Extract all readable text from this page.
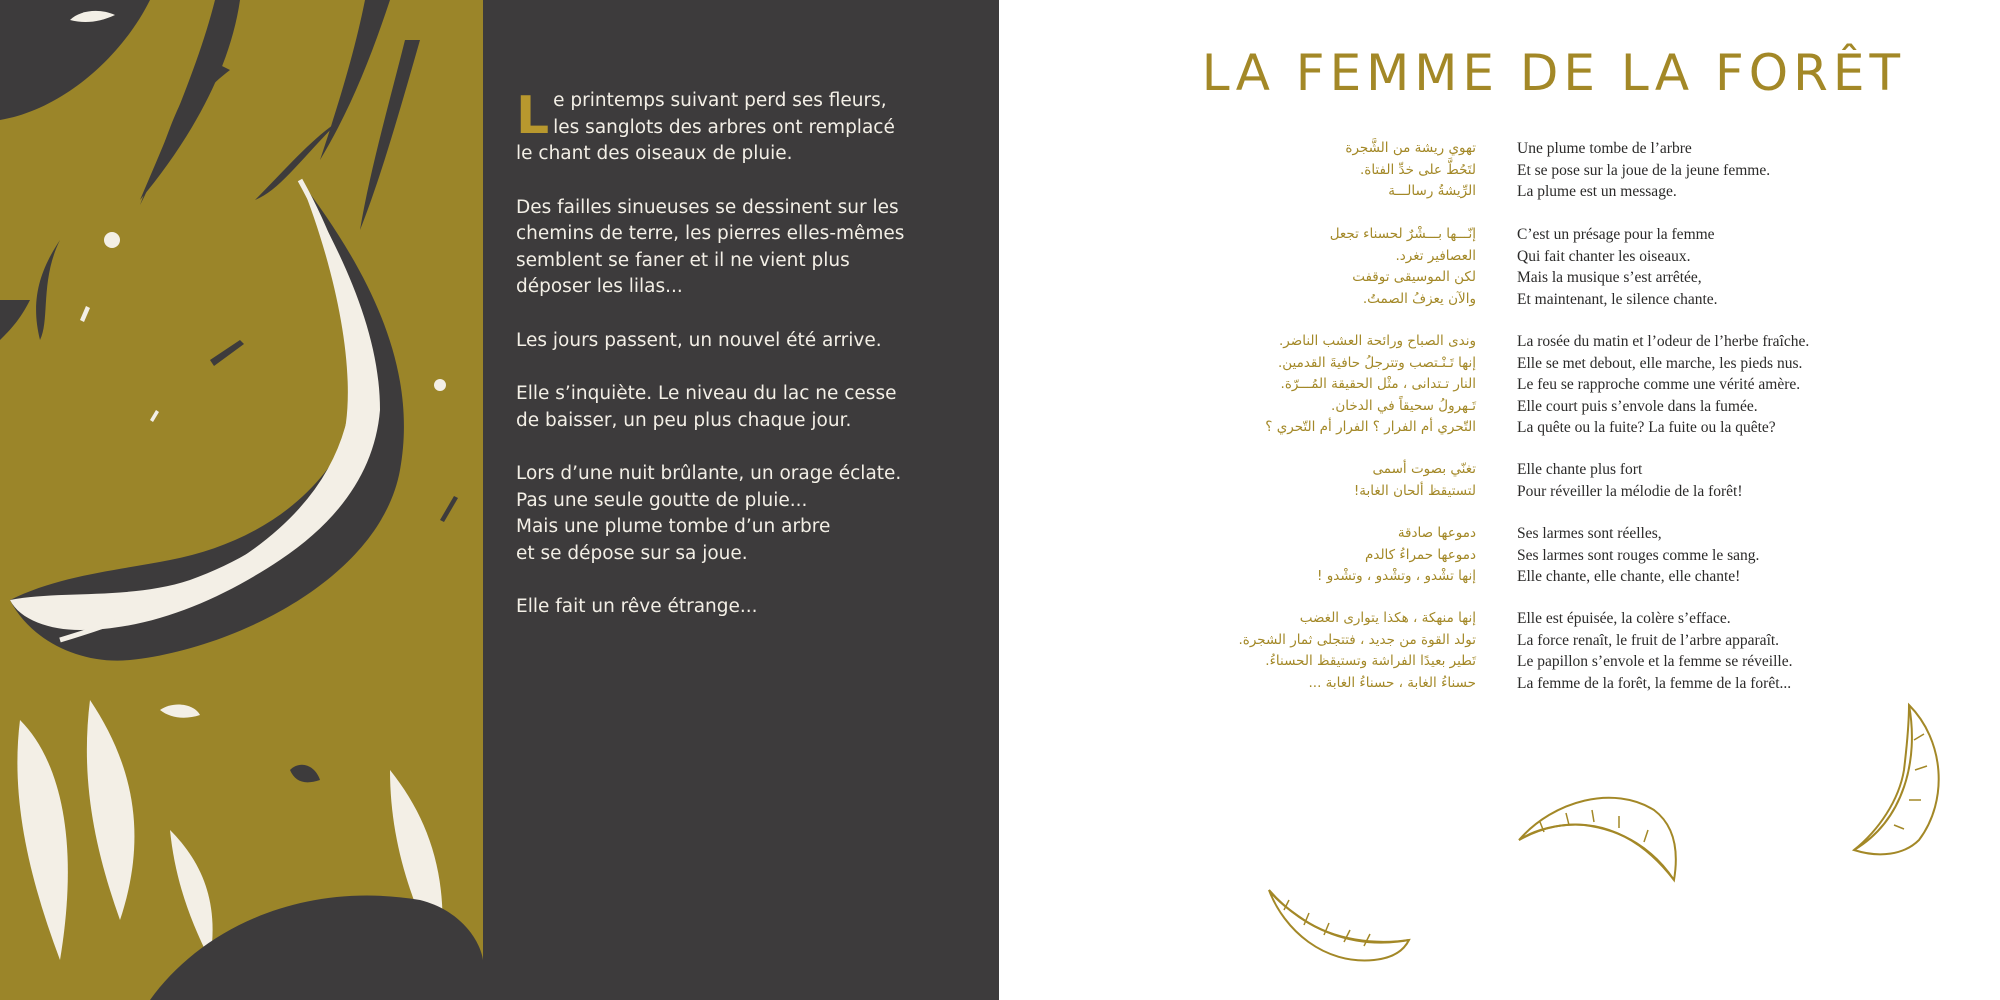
Le printemps suivant perd ses fleurs,
les sanglots des arbres ont remplacé
le chant des oiseaux de pluie.

Des failles sinueuses se dessinent sur les
chemins de terre, les pierres elles-mêmes
semblent se faner et il ne vient plus
déposer les lilas...

Les jours passent, un nouvel été arrive.

Elle s’inquiète. Le niveau du lac ne cesse
de baisser, un peu plus chaque jour.

Lors d’une nuit brûlante, un orage éclate.
Pas une seule goutte de pluie...
Mais une plume tombe d’un arbre
et se dépose sur sa joue.

Elle fait un rêve étrange...

LA FEMME DE LA FORÊT
تهوي ريشة من الشَّجرة
لتَحُطَّ على خدِّ الفتاة.
الرِّيشةُ رسالـــة
Une plume tombe de l’arbre
Et se pose sur la joue de la jeune femme.
La plume est un message.
إنّـــها بـــشْرٌ لحسناء تجعل
العصافير تغرد.
لكن الموسيقى توقفت
والآن يعزفُ الصمتُ.
C’est un présage pour la femme
Qui fait chanter les oiseaux.
Mais la musique s’est arrêtée,
Et maintenant, le silence chante.
وندى الصباح ورائحة العشب الناضر.
إنها تَـنْـتصب وتترجلُ حافيةَ القدمين.
النار تـتدانى ، مثْل الحقيقة المُـــرّة.
تَـهرولُ سحيقاً في الدخان.
التّحري أم الفرار ؟ الفرار أم التّحري ؟
La rosée du matin et l’odeur de l’herbe fraîche.
Elle se met debout, elle marche, les pieds nus.
Le feu se rapproche comme une vérité amère.
Elle court puis s’envole dans la fumée.
La quête ou la fuite? La fuite ou la quête?
تغنّي بصوت أسمى
لتستيقظ ألحان الغابة!
Elle chante plus fort
Pour réveiller la mélodie de la forêt!
دموعها صادقة
دموعها حمراءُ كالدم
إنها تشْدو ، وتشْدو ، وتشْدو !
Ses larmes sont réelles,
Ses larmes sont rouges comme le sang.
Elle chante, elle chante, elle chante!
إنها منهكة ، هكذا يتوارى الغضب
تولد القوة من جديد ، فتتجلى ثمار الشجرة.
تَطير بعيدًا الفراشة وتستيقظ الحسناءُ.
حسناءُ الغابة ، حسناءُ الغابة ...
Elle est épuisée, la colère s’efface.
La force renaît, le fruit de l’arbre apparaît.
Le papillon s’envole et la femme se réveille.
La femme de la forêt, la femme de la forêt...
